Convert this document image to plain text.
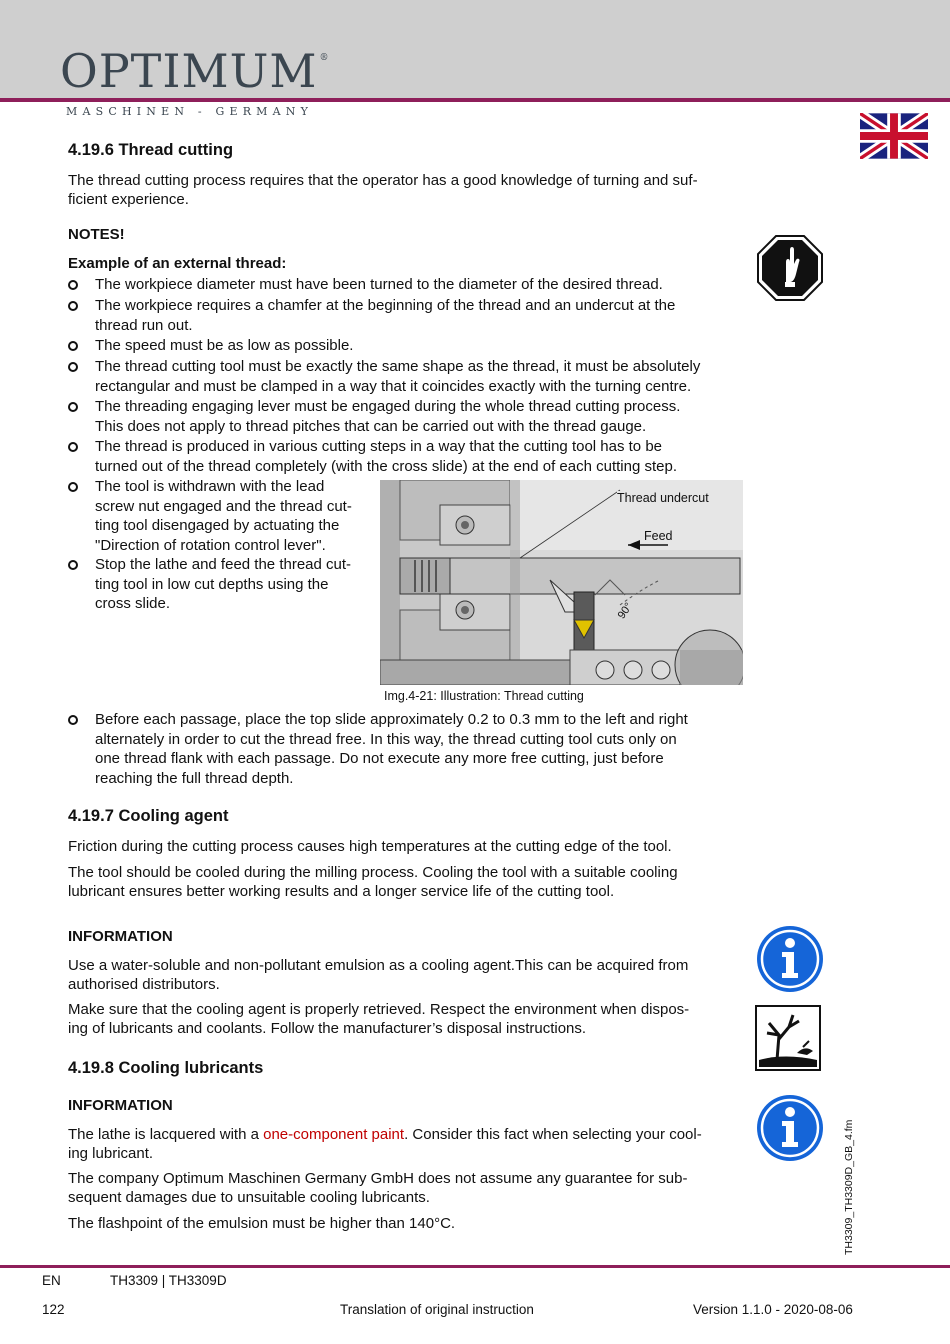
OPTIMUM ®
MASCHINEN - GERMANY
4.19.6 Thread cutting
The thread cutting process requires that the operator has a good knowledge of turning and suf-
ficient experience.
NOTES!
Example of an external thread:
The workpiece diameter must have been turned to the diameter of the desired thread.
The workpiece requires a chamfer at the beginning of the thread and an undercut at the
thread run out.
The speed must be as low as possible.
The thread cutting tool must be exactly the same shape as the thread, it must be absolutely
rectangular and must be clamped in a way that it coincides exactly with the turning centre.
The threading engaging lever must be engaged during the whole thread cutting process.
This does not apply to thread pitches that can be carried out with the thread gauge.
The thread is produced in various cutting steps in a way that the cutting tool has to be
turned out of the thread completely (with the cross slide) at the end of each cutting step.
The tool is withdrawn with the lead
screw nut engaged and the thread cut-
ting tool disengaged by actuating the
"Direction of rotation control lever".
Stop the lathe and feed the thread cut-
ting tool in low cut depths using the
cross slide.
Thread undercut
Feed
90°
Img.4-21: Illustration: Thread cutting
Before each passage, place the top slide approximately 0.2 to 0.3 mm to the left and right
alternately in order to cut the thread free. In this way, the thread cutting tool cuts only on
one thread flank with each passage. Do not execute any more free cutting, just before
reaching the full thread depth.
4.19.7 Cooling agent
Friction during the cutting process causes high temperatures at the cutting edge of the tool.
The tool should be cooled during the milling process. Cooling the tool with a suitable cooling
lubricant ensures better working results and a longer service life of the cutting tool.
INFORMATION
Use a water-soluble and non-pollutant emulsion as a cooling agent.This can be acquired from
authorised distributors.
Make sure that the cooling agent is properly retrieved. Respect the environment when dispos-
ing of lubricants and coolants. Follow the manufacturer’s disposal instructions.
4.19.8 Cooling lubricants
INFORMATION
The lathe is lacquered with a one-component paint. Consider this fact when selecting your cool-
ing lubricant.
The company Optimum Maschinen Germany GmbH does not assume any guarantee for sub-
sequent damages due to unsuitable cooling lubricants.
The flashpoint of the emulsion must be higher than 140°C.	TH3309_TH3309D_GB_4.fm
EN	TH3309 | TH3309D
122	Translation of original instruction	Version 1.1.0 - 2020-08-06
